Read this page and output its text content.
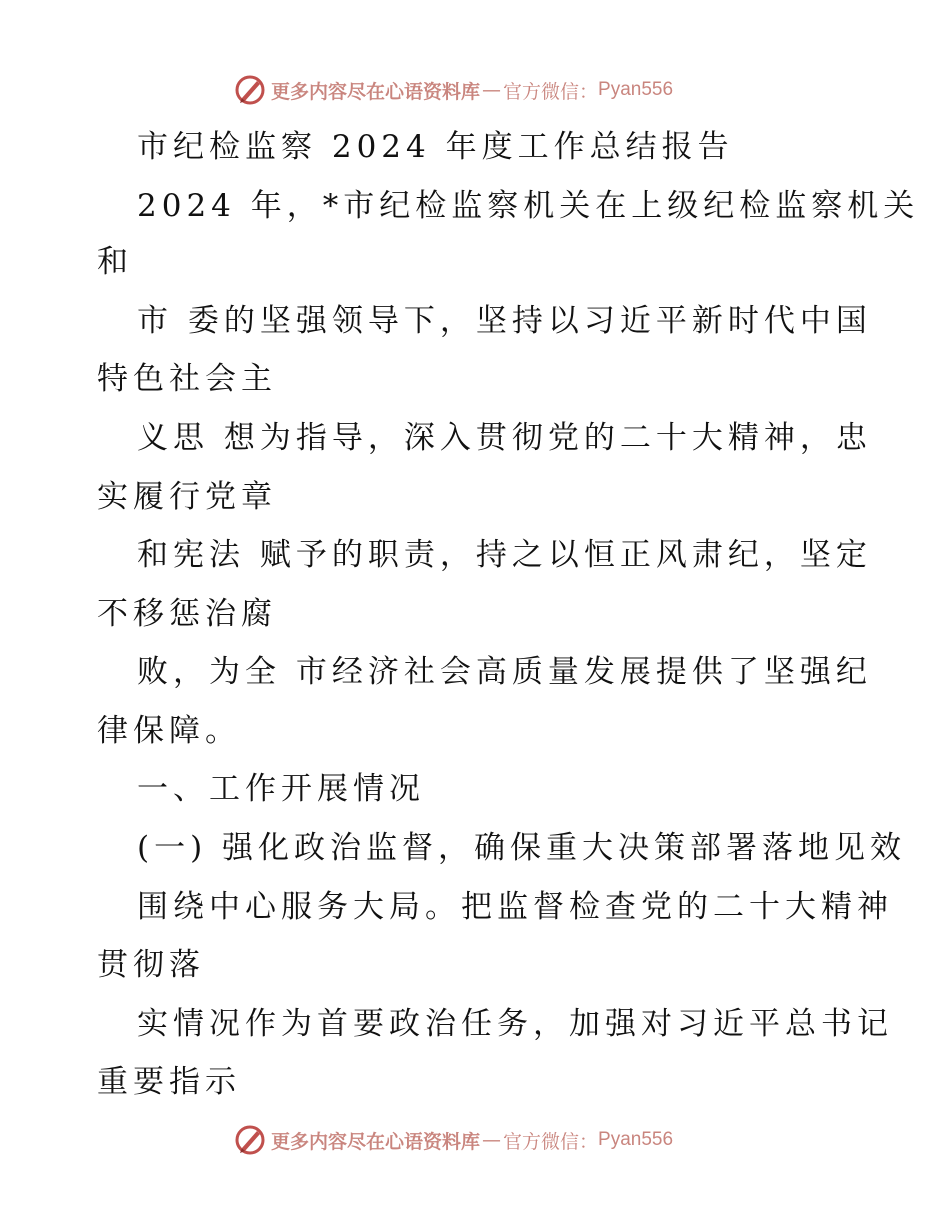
更多内容尽在心语资料库 — 官方微信： Pyan556
市纪检监察 2024 年度工作总结报告
2024 年，*市纪检监察机关在上级纪检监察机关
和
市 委的坚强领导下，坚持以习近平新时代中国
特色社会主
义思 想为指导，深入贯彻党的二十大精神，忠
实履行党章
和宪法 赋予的职责，持之以恒正风肃纪，坚定
不移惩治腐
败，为全 市经济社会高质量发展提供了坚强纪
律保障。
一、工作开展情况
(一) 强化政治监督，确保重大决策部署落地见效
围绕中心服务大局。把监督检查党的二十大精神
贯彻落
实情况作为首要政治任务，加强对习近平总书记
重要指示
更多内容尽在心语资料库 — 官方微信： Pyan556
